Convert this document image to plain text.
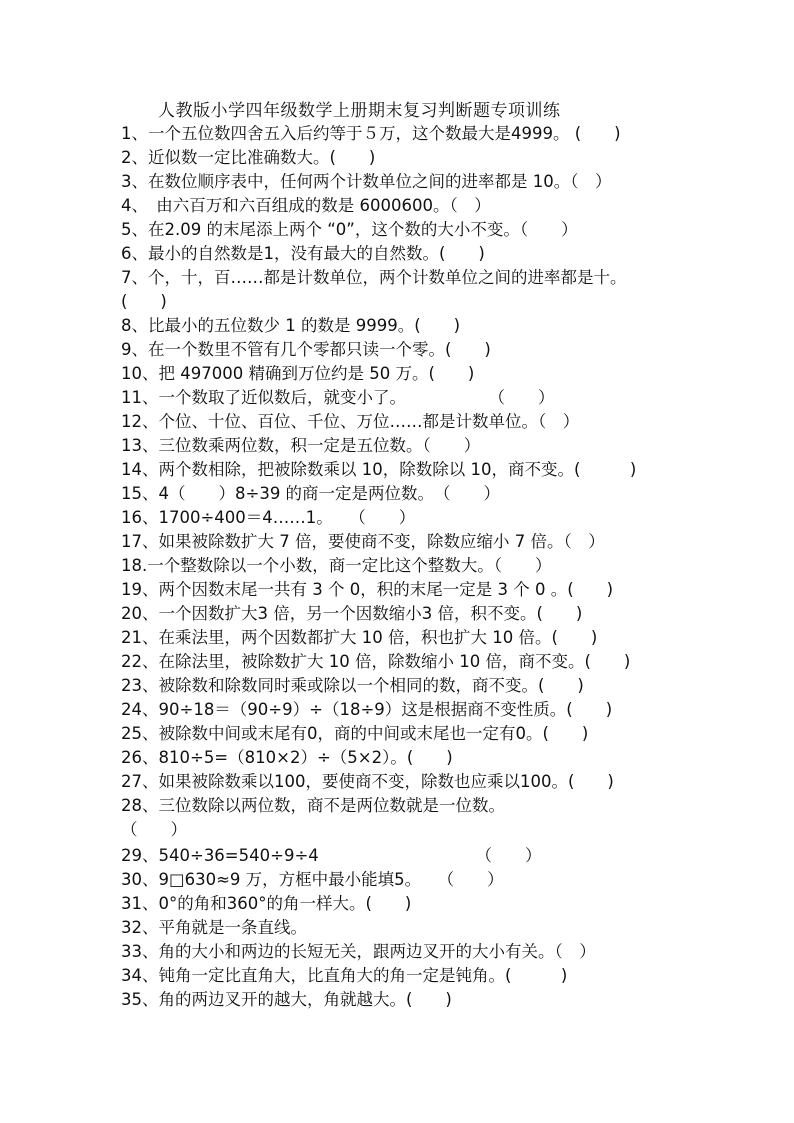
人教版小学四年级数学上册期末复习判断题专项训练
1、一个五位数四舍五入后约等于５万，这个数最大是4999。 (　　)
2、近似数一定比准确数大。(　　)
3、在数位顺序表中，任何两个计数单位之间的进率都是 10。（　）
4、　由六百万和六百组成的数是 6000600。（　）
5、在2.09 的末尾添上两个 “0”，这个数的大小不变。（　　）
6、最小的自然数是1，没有最大的自然数。(　　)
7、个，十，百……都是计数单位，两个计数单位之间的进率都是十。
(　　)
8、比最小的五位数少 1 的数是 9999。(　　)
9、在一个数里不管有几个零都只读一个零。(　　)
10、把 497000 精确到万位约是 50 万。(　　)
11、一个数取了近似数后，就变小了。　　　　　　（　　）
12、个位、十位、百位、千位、万位……都是计数单位。（　）
13、三位数乘两位数，积一定是五位数。（　　）
14、两个数相除，把被除数乘以 10，除数除以 10，商不变。(　　　)
15、4（　　）8÷39 的商一定是两位数。　（　　）
16、1700÷400＝4……1。　　（　　）
17、如果被除数扩大 7 倍，要使商不变，除数应缩小 7 倍。（　）
18.一个整数除以一个小数，商一定比这个整数大。（　　）
19、两个因数末尾一共有 3 个 0，积的末尾一定是 3 个 0 。(　　)
20、一个因数扩大3 倍，另一个因数缩小3 倍，积不变。(　　)
21、在乘法里，两个因数都扩大 10 倍，积也扩大 10 倍。(　　)
22、在除法里，被除数扩大 10 倍，除数缩小 10 倍，商不变。(　　)
23、被除数和除数同时乘或除以一个相同的数，商不变。(　　)
24、90÷18＝（90÷9）÷（18÷9）这是根据商不变性质。(　　)
25、被除数中间或末尾有0，商的中间或末尾也一定有0。(　　)
26、810÷5=（810×2）÷（5×2）。(　　)
27、如果被除数乘以100，要使商不变，除数也应乘以100。(　　)
28、三位数除以两位数，商不是两位数就是一位数。
（　　）
29、540÷36=540÷9÷4　　　　　　　　　　（　　）
30、9□630≈9 万，方框中最小能填5。　　（　　）
31、0°的角和360°的角一样大。(　　)
32、平角就是一条直线。
33、角的大小和两边的长短无关，跟两边叉开的大小有关。（　）
34、钝角一定比直角大，比直角大的角一定是钝角。(　　　)
35、角的两边叉开的越大，角就越大。(　　)
